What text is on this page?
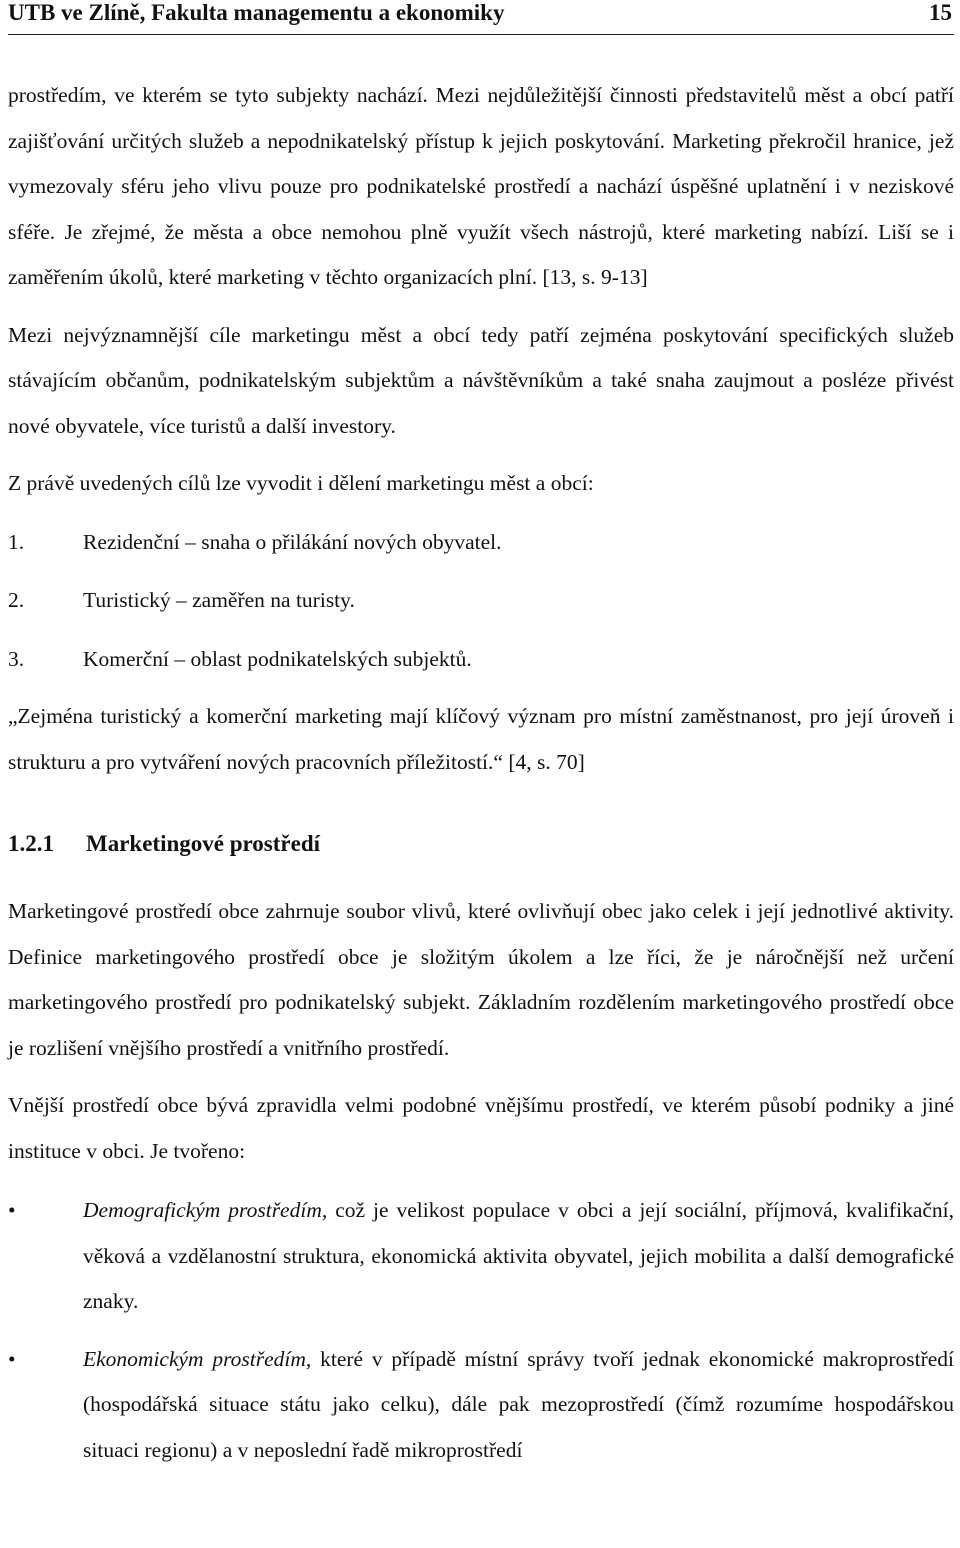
UTB ve Zlíně, Fakulta managementu a ekonomiky	15

prostředím, ve kterém se tyto subjekty nachází. Mezi nejdůležitější činnosti představitelů měst a obcí patří zajišťování určitých služeb a nepodnikatelský přístup k jejich poskytování. Marketing překročil hranice, jež vymezovaly sféru jeho vlivu pouze pro podnikatelské prostředí a nachází úspěšné uplatnění i v neziskové sféře. Je zřejmé, že města a obce nemohou plně využít všech nástrojů, které marketing nabízí. Liší se i zaměřením úkolů, které marketing v těchto organizacích plní. [13, s. 9-13]

Mezi nejvýznamnější cíle marketingu měst a obcí tedy patří zejména poskytování specifických služeb stávajícím občanům, podnikatelským subjektům a návštěvníkům a také snaha zaujmout a posléze přivést nové obyvatele, více turistů a další investory.

Z právě uvedených cílů lze vyvodit i dělení marketingu měst a obcí:

1.	Rezidenční – snaha o přilákání nových obyvatel.
2.	Turistický – zaměřen na turisty.
3.	Komerční – oblast podnikatelských subjektů.

„Zejména turistický a komerční marketing mají klíčový význam pro místní zaměstnanost, pro její úroveň i strukturu a pro vytváření nových pracovních příležitostí.“ [4, s. 70]

1.2.1	Marketingové prostředí

Marketingové prostředí obce zahrnuje soubor vlivů, které ovlivňují obec jako celek i její jednotlivé aktivity. Definice marketingového prostředí obce je složitým úkolem a lze říci, že je náročnější než určení marketingového prostředí pro podnikatelský subjekt. Základním rozdělením marketingového prostředí obce je rozlišení vnějšího prostředí a vnitřního prostředí.

Vnější prostředí obce bývá zpravidla velmi podobné vnějšímu prostředí, ve kterém působí podniky a jiné instituce v obci. Je tvořeno:

•	Demografickým prostředím, což je velikost populace v obci a její sociální, příjmová, kvalifikační, věková a vzdělanostní struktura, ekonomická aktivita obyvatel, jejich mobilita a další demografické znaky.
•	Ekonomickým prostředím, které v případě místní správy tvoří jednak ekonomické makroprostředí (hospodářská situace státu jako celku), dále pak mezoprostředí (čímž rozumíme hospodářskou situaci regionu) a v neposlední řadě mikroprostředí
